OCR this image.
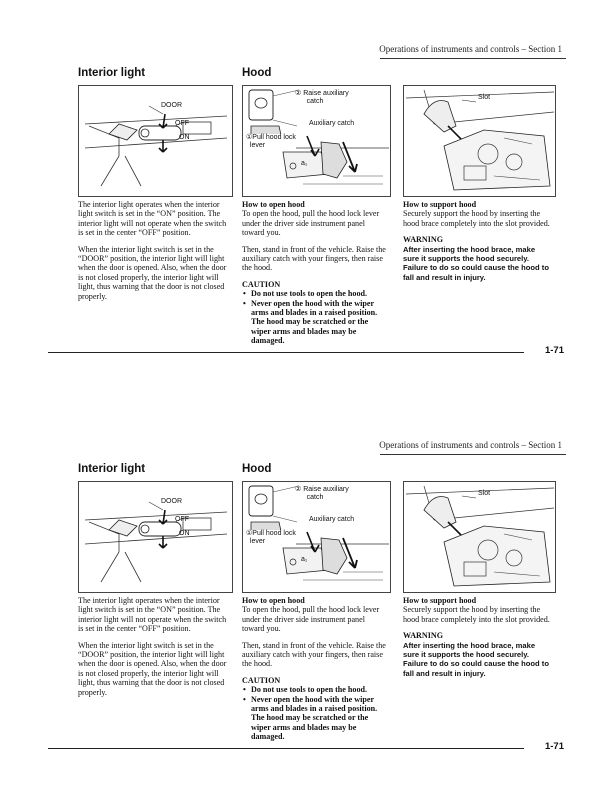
Operations of instruments and controls – Section 1
Interior light	Hood
DOOR
OFF
ON
② Raise auxiliary
catch
Auxiliary catch
①Pull hood lock
lever
a₁
Slot

The interior light operates when the interior light switch is set in the “ON” position. The interior light will not operate when the switch is set in the center “OFF” position.

When the interior light switch is set in the “DOOR” position, the interior light will light when the door is opened. Also, when the door is not closed properly, the interior light will light, thus warning that the door is not closed properly.

How to open hood

To open the hood, pull the hood lock lever under the driver side instrument panel toward you.

Then, stand in front of the vehicle. Raise the auxiliary catch with your fingers, then raise the hood.

CAUTION
• Do not use tools to open the hood.
• Never open the hood with the wiper arms and blades in a raised position. The hood may be scratched or the wiper arms and blades may be damaged.
How to support hood

Securely support the hood by inserting the hood brace completely into the slot provided.

WARNING
After inserting the hood brace, make sure it supports the hood securely. Failure to do so could cause the hood to fall and result in injury.
1-71
Operations of instruments and controls – Section 1
Interior light	Hood
DOOR
OFF
ON
② Raise auxiliary
catch
Auxiliary catch
①Pull hood lock
lever
a₁
Slot

The interior light operates when the interior light switch is set in the “ON” position. The interior light will not operate when the switch is set in the center “OFF” position.

When the interior light switch is set in the “DOOR” position, the interior light will light when the door is opened. Also, when the door is not closed properly, the interior light will light, thus warning that the door is not closed properly.

How to open hood

To open the hood, pull the hood lock lever under the driver side instrument panel toward you.

Then, stand in front of the vehicle. Raise the auxiliary catch with your fingers, then raise the hood.

CAUTION
• Do not use tools to open the hood.
• Never open the hood with the wiper arms and blades in a raised position. The hood may be scratched or the wiper arms and blades may be damaged.
How to support hood

Securely support the hood by inserting the hood brace completely into the slot provided.

WARNING
After inserting the hood brace, make sure it supports the hood securely. Failure to do so could cause the hood to fall and result in injury.
1-71
